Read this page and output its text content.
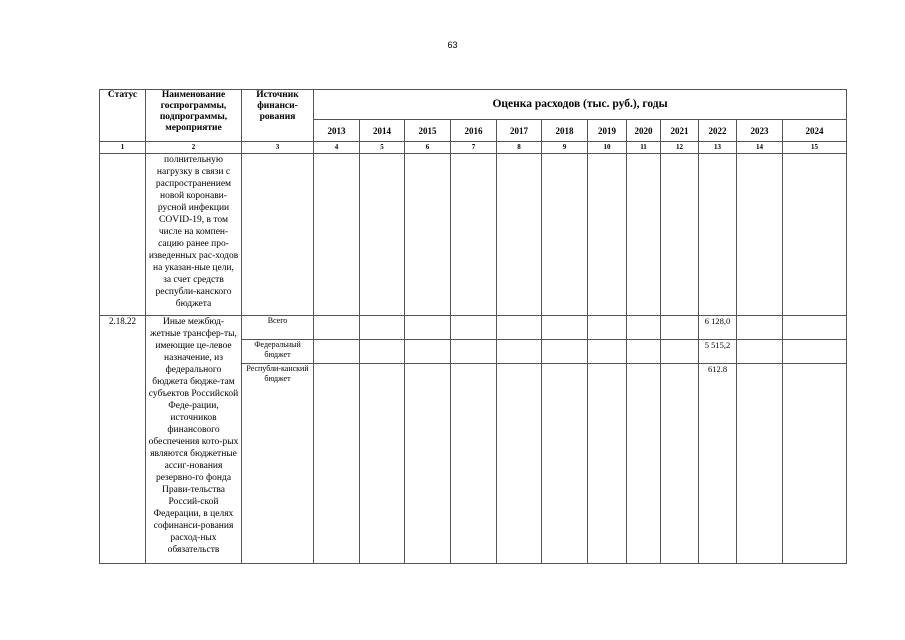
63
Статус	Наименование госпрограммы, подпрограммы, мероприятие	Источник финанси-рования	Оценка расходов (тыс. руб.), годы											
			2013	2014	2015	2016	2017	2018	2019	2020	2021	2022	2023	2024
1	2	3	4	5	6	7	8	9	10	11	12	13	14	15
	полнительную нагрузку в связи с распространением новой коронави-русной инфекции COVID-19, в том числе на компен-сацию ранее про-изведенных рас-ходов на указан-ные цели, за счет средств республи-канского бюджета													
2.18.22	Иные межбюд-жетные трансфер-ты, имеющие це-левое назначение, из федерального бюджета бюдже-там субъектов Российской Феде-рации, источников финансового обеспечения кото-рых являются бюджетные ассиг-нования резервно-го фонда Прави-тельства Россий-ской Федерации, в целях софинанси-рования расход-ных обязательств	Всего										6 128,0		
		Федеральный бюджет										5 515,2		
		Республи-канский бюджет										612.8		
